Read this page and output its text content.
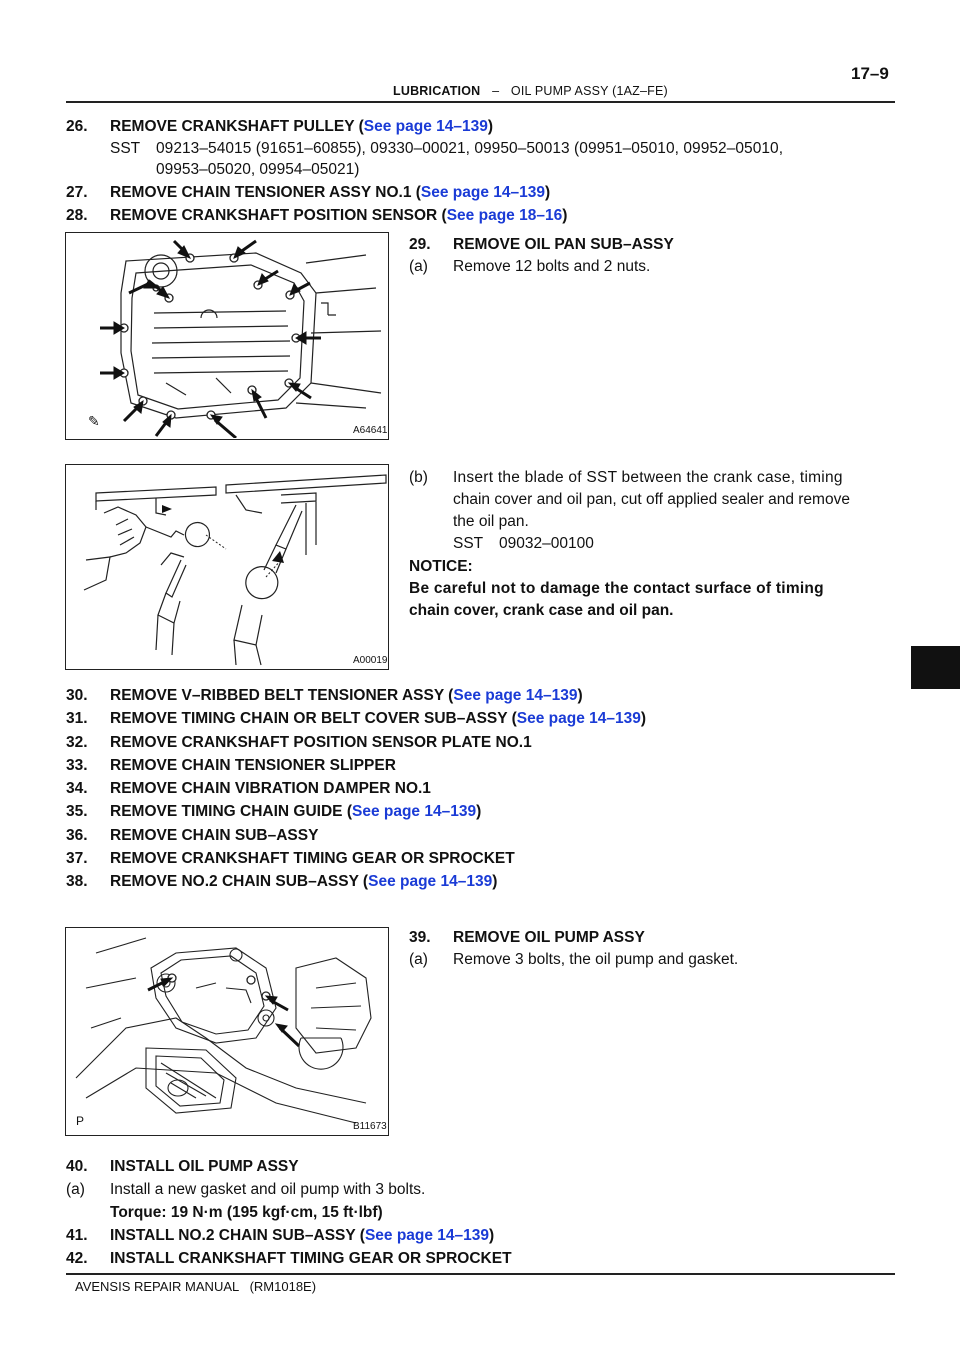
17–9
LUBRICATION – OIL PUMP ASSY (1AZ–FE)
26. REMOVE CRANKSHAFT PULLEY (See page 14–139)
SST 09213–54015 (91651–60855), 09330–00021, 09950–50013 (09951–05010, 09952–05010,
09953–05020, 09954–05021)
27. REMOVE CHAIN TENSIONER ASSY NO.1 (See page 14–139)
28. REMOVE CRANKSHAFT POSITION SENSOR (See page 18–16)
✎
A64641
29. REMOVE OIL PAN SUB–ASSY
(a) Remove 12 bolts and 2 nuts.
A00019
(b) Insert the blade of SST between the crank case, timing
chain cover and oil pan, cut off applied sealer and remove
the oil pan.
SST 09032–00100
NOTICE:
Be careful not to damage the contact surface of timing
chain cover, crank case and oil pan.
30. REMOVE V–RIBBED BELT TENSIONER ASSY (See page 14–139)
31. REMOVE TIMING CHAIN OR BELT COVER SUB–ASSY (See page 14–139)
32. REMOVE CRANKSHAFT POSITION SENSOR PLATE NO.1
33. REMOVE CHAIN TENSIONER SLIPPER
34. REMOVE CHAIN VIBRATION DAMPER NO.1
35. REMOVE TIMING CHAIN GUIDE (See page 14–139)
36. REMOVE CHAIN SUB–ASSY
37. REMOVE CRANKSHAFT TIMING GEAR OR SPROCKET
38. REMOVE NO.2 CHAIN SUB–ASSY (See page 14–139)
P	B11673
39. REMOVE OIL PUMP ASSY
(a) Remove 3 bolts, the oil pump and gasket.
40. INSTALL OIL PUMP ASSY
(a) Install a new gasket and oil pump with 3 bolts.
Torque: 19 N·m (195 kgf·cm, 15 ft·lbf)
41. INSTALL NO.2 CHAIN SUB–ASSY (See page 14–139)
42. INSTALL CRANKSHAFT TIMING GEAR OR SPROCKET
AVENSIS REPAIR MANUAL   (RM1018E)
